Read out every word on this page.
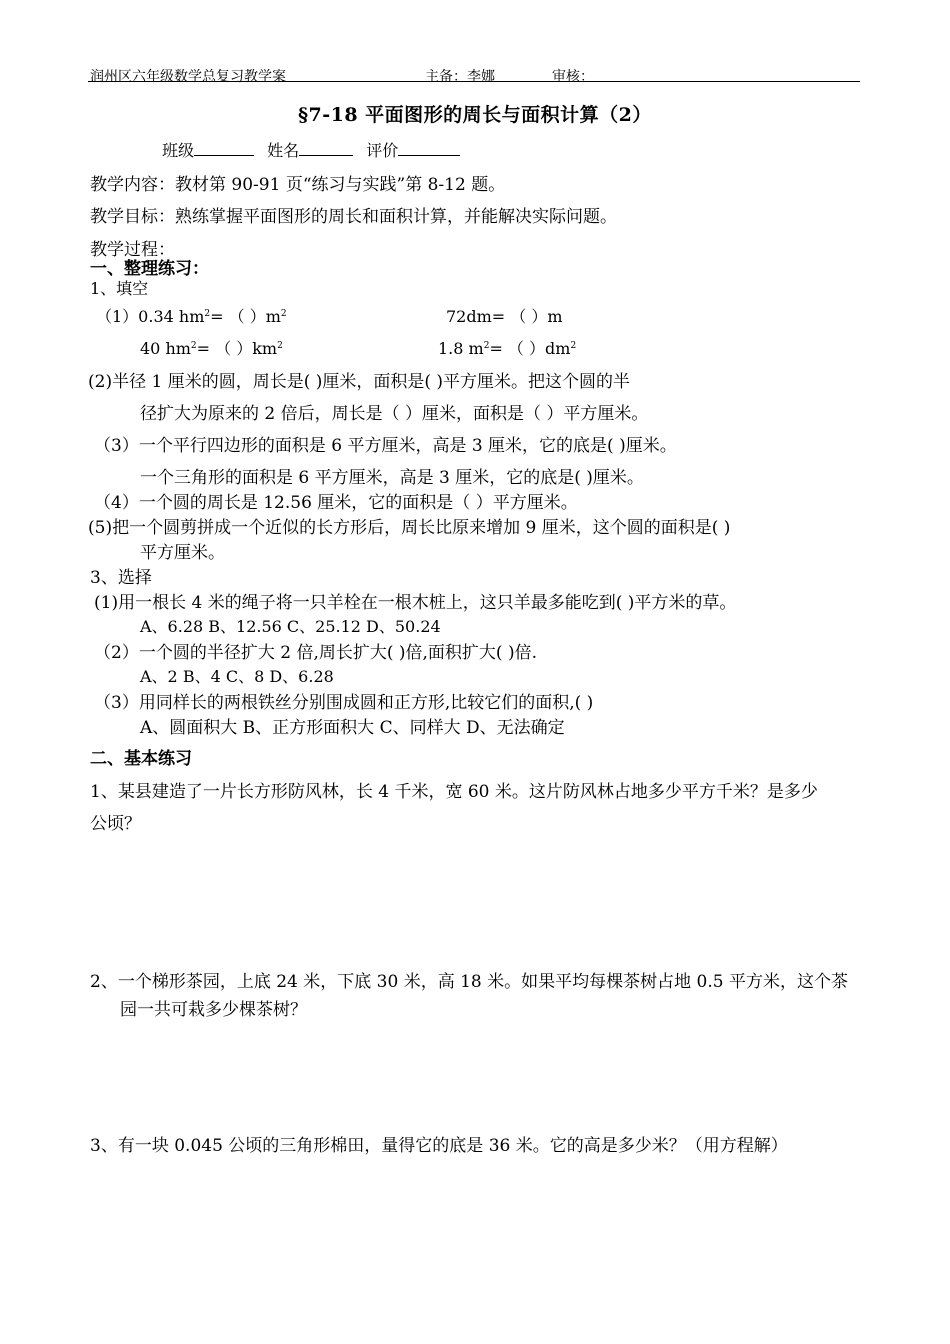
润州区六年级数学总复习教学案	主备：李娜	审核：
§7-18 平面图形的周长与面积计算（2）
班级	姓名	评价
教学内容：教材第 90-91 页“练习与实践”第 8-12 题。
教学目标：熟练掌握平面图形的周长和面积计算，并能解决实际问题。
教学过程：
一、整理练习：
1、填空
（1）0.34 $hm^2=$ （ ）$m^2$	72dm= （ ）m
40 $hm^2=$ （ ）$km^2$	1.8 $m^2=$ （ ）$dm^2$
(2)半径 1 厘米的圆，周长是( )厘米，面积是( )平方厘米。把这个圆的半
径扩大为原来的 2 倍后，周长是（ ）厘米，面积是（ ）平方厘米。
（3）一个平行四边形的面积是 6 平方厘米，高是 3 厘米，它的底是( )厘米。
一个三角形的面积是 6 平方厘米，高是 3 厘米，它的底是( )厘米。
（4）一个圆的周长是 12.56 厘米，它的面积是（ ）平方厘米。
(5)把一个圆剪拼成一个近似的长方形后，周长比原来增加 9 厘米，这个圆的面积是( )
平方厘米。
3、选择
(1)用一根长 4 米的绳子将一只羊栓在一根木桩上，这只羊最多能吃到( )平方米的草。
A、6.28 B、12.56 C、25.12 D、50.24
（2）一个圆的半径扩大 2 倍,周长扩大( )倍,面积扩大( )倍.
A、2 B、4 C、8 D、6.28
（3）用同样长的两根铁丝分别围成圆和正方形,比较它们的面积,( )
A、圆面积大 B、正方形面积大 C、同样大 D、无法确定
二、基本练习
1、某县建造了一片长方形防风林，长 4 千米，宽 60 米。这片防风林占地多少平方千米？是多少
公顷？
2、一个梯形茶园，上底 24 米，下底 30 米，高 18 米。如果平均每棵茶树占地 0.5 平方米，这个茶
园一共可栽多少棵茶树？
3、有一块 0.045 公顷的三角形棉田，量得它的底是 36 米。它的高是多少米？（用方程解）
